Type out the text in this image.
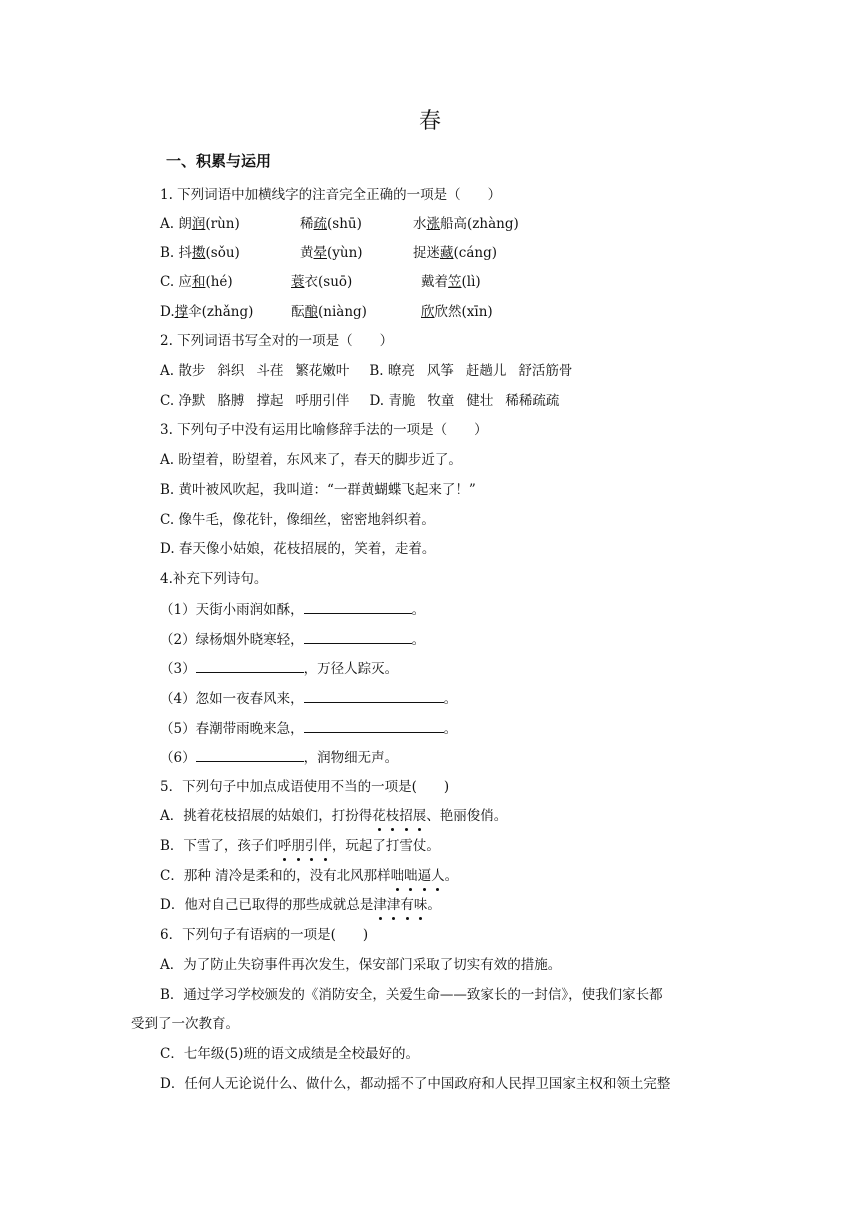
春
一、积累与运用
1. 下列词语中加横线字的注音完全正确的一项是（　　）
A. 朗润(rùn)	稀疏(shū)	水涨船高(zhàng)
B. 抖擞(sǒu)	黄晕(yùn)	捉迷藏(cáng)
C. 应和(hé)	蓑衣(suō)	戴着笠(lì)
D.撑伞(zhǎng)	酝酿(niàng)	欣欣然(xīn)
2. 下列词语书写全对的一项是（　　）
A. 散步 斜织 斗荏 繁花嫩叶 B. 暸亮 风筝 赶趟儿 舒活筋骨
C. 净默 胳膊 撑起 呼朋引伴 D. 青脆 牧童 健壮 稀稀疏疏
3. 下列句子中没有运用比喻修辞手法的一项是（　　）
A. 盼望着，盼望着，东风来了，春天的脚步近了。
B. 黄叶被风吹起，我叫道：“一群黄蝴蝶飞起来了！”
C. 像牛毛，像花针，像细丝，密密地斜织着。
D. 春天像小姑娘，花枝招展的，笑着，走着。
4.补充下列诗句。
（1）天街小雨润如酥，	。
（2）绿杨烟外晓寒轻，	。
（3）	，万径人踪灭。
（4）忽如一夜春风来，	。
（5）春潮带雨晚来急，	。
（6）	，润物细无声。
5．下列句子中加点成语使用不当的一项是(　　)
A．挑着花枝招展的姑娘们，打扮得花枝招展、艳丽俊俏。
B．下雪了，孩子们呼朋引伴，玩起了打雪仗。
C．那种 清冷是柔和的，没有北风那样咄咄逼人。
D．他对自己已取得的那些成就总是津津有味。
6．下列句子有语病的一项是(　　)
A．为了防止失窃事件再次发生，保安部门采取了切实有效的措施。
B．通过学习学校颁发的《消防安全，关爱生命——致家长的一封信》，使我们家长都
受到了一次教育。
C．七年级(5)班的语文成绩是全校最好的。
D．任何人无论说什么、做什么，都动摇不了中国政府和人民捍卫国家主权和领土完整
